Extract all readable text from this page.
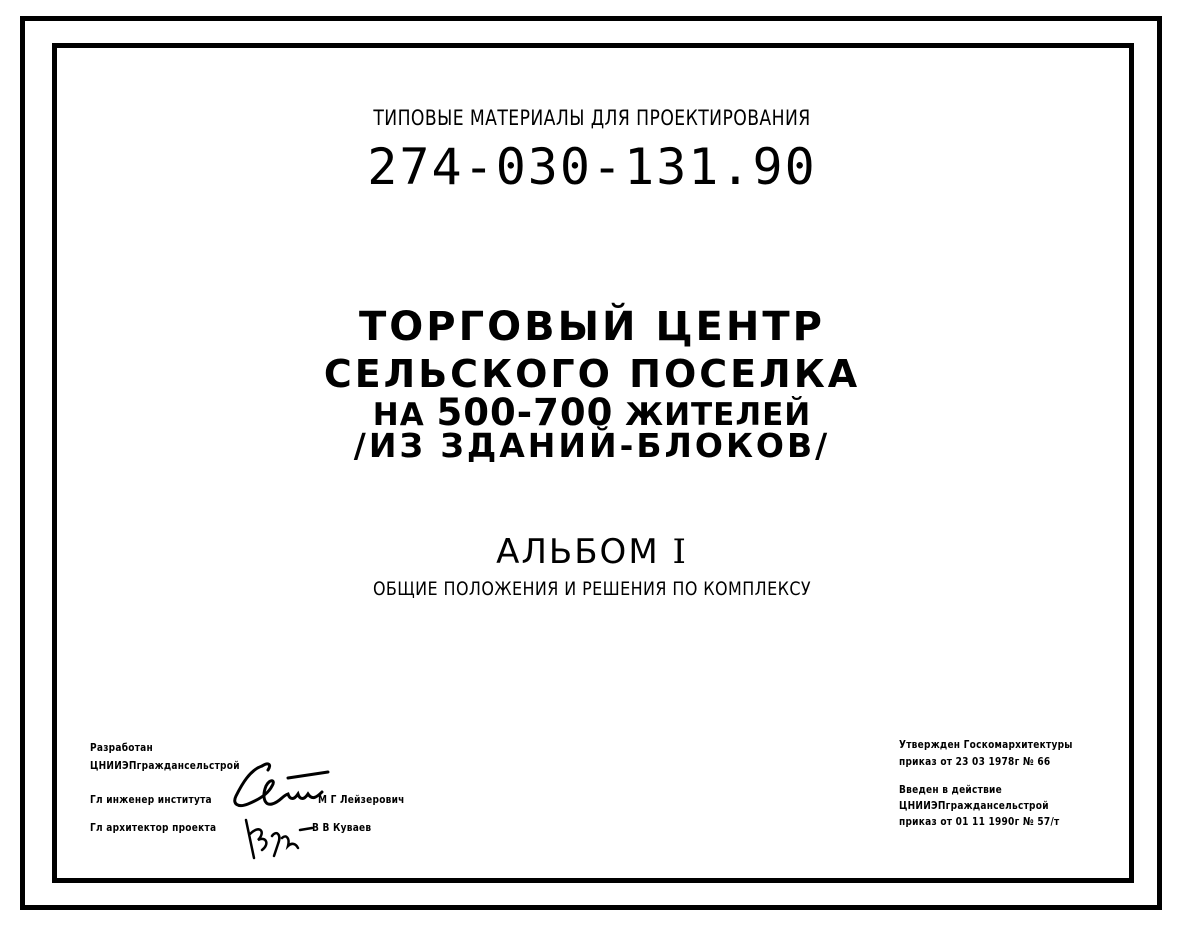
ТИПОВЫЕ МАТЕРИАЛЫ ДЛЯ ПРОЕКТИРОВАНИЯ
274-030-131.90
ТОРГОВЫЙ ЦЕНТР
СЕЛЬСКОГО ПОСЕЛКА
НА 500-700 ЖИТЕЛЕЙ
/ИЗ ЗДАНИЙ-БЛОКОВ/
АЛЬБОМ I
ОБЩИЕ ПОЛОЖЕНИЯ И РЕШЕНИЯ ПО КОМПЛЕКСУ
Разработан
ЦНИИЭПграждансельстрой
Гл инженер института	М Г Лейзерович
Гл архитектор проекта	В В Куваев
Утвержден Госкомархитектуры
приказ от 23 03 1978г № 66
Введен в действие
ЦНИИЭПграждансельстрой
приказ от 01 11 1990г № 57/т
